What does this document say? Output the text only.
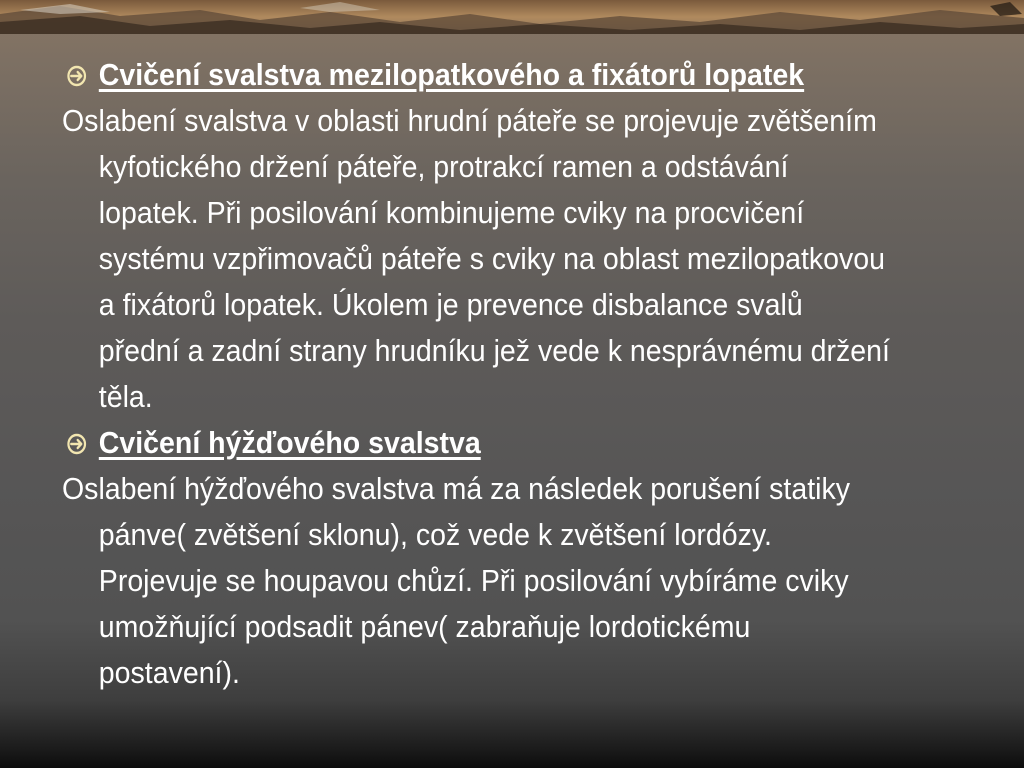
Cvičení svalstva mezilopatkového a fixátorů lopatek
Oslabení svalstva v oblasti hrudní páteře se projevuje zvětšením kyfotického držení páteře, protrakcí ramen a odstávání lopatek. Při posilování kombinujeme cviky na procvičení systému vzpřimovačů páteře s cviky na oblast mezilopatkovou a fixátorů lopatek. Úkolem je prevence disbalance svalů přední a zadní strany hrudníku jež vede k nesprávnému držení těla.
Cvičení hýžďového svalstva
Oslabení hýžďového svalstva má za následek porušení statiky pánve( zvětšení sklonu), což vede k zvětšení lordózy. Projevuje se houpavou chůzí. Při posilování vybíráme cviky umožňující podsadit pánev( zabraňuje lordotickému postavení).
